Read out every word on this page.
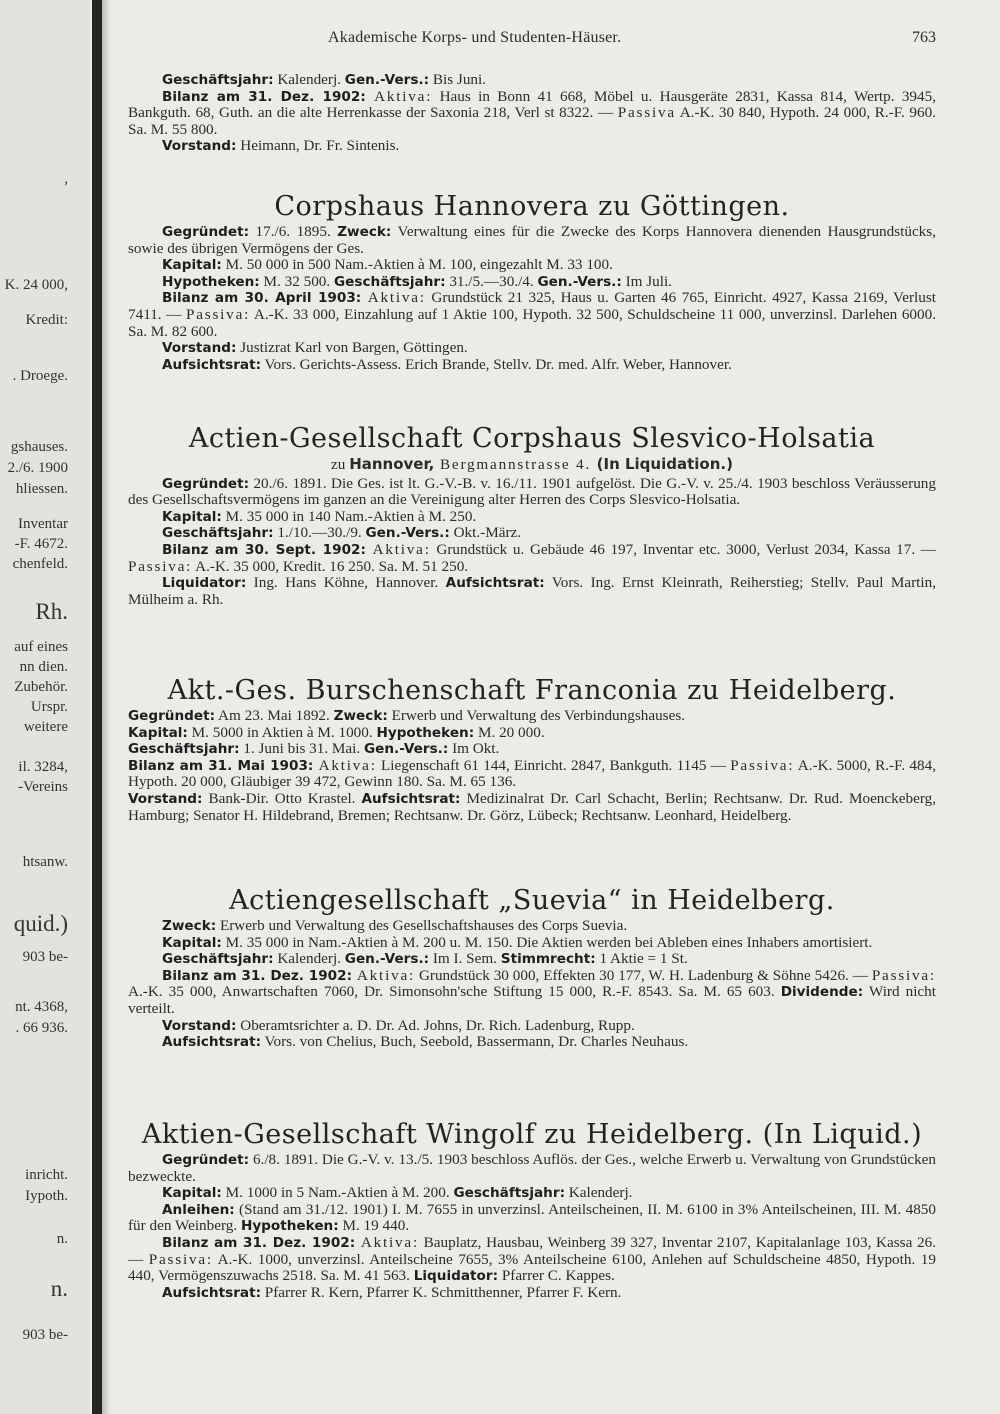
,
K. 24 000,
Kredit:
. Droege.
gshauses.
2./6. 1900
hliessen.
Inventar
-F. 4672.
chenfeld.
Rh.
auf eines
nn dien.
Zubehör.
Urspr.
weitere
il. 3284,
-Vereins
htsanw.
quid.)
903 be-
nt. 4368,
. 66 936.
inricht.
Iypoth.
n.
n.
903 be-
Akademische Korps- und Studenten-Häuser.	763

Geschäftsjahr: Kalenderj. Gen.-Vers.: Bis Juni.

Bilanz am 31. Dez. 1902: Aktiva: Haus in Bonn 41 668, Möbel u. Hausgeräte 2831, Kassa 814, Wertp. 3945, Bankguth. 68, Guth. an die alte Herrenkasse der Saxonia 218, Verl st 8322. — Passiva A.-K. 30 840, Hypoth. 24 000, R.-F. 960. Sa. M. 55 800.

Vorstand: Heimann, Dr. Fr. Sintenis.

Corpshaus Hannovera zu Göttingen.

Gegründet: 17./6. 1895. Zweck: Verwaltung eines für die Zwecke des Korps Hannovera dienenden Hausgrundstücks, sowie des übrigen Vermögens der Ges.

Kapital: M. 50 000 in 500 Nam.-Aktien à M. 100, eingezahlt M. 33 100.

Hypotheken: M. 32 500. Geschäftsjahr: 31./5.—30./4. Gen.-Vers.: Im Juli.

Bilanz am 30. April 1903: Aktiva: Grundstück 21 325, Haus u. Garten 46 765, Einricht. 4927, Kassa 2169, Verlust 7411. — Passiva: A.-K. 33 000, Einzahlung auf 1 Aktie 100, Hypoth. 32 500, Schuldscheine 11 000, unverzinsl. Darlehen 6000. Sa. M. 82 600.

Vorstand: Justizrat Karl von Bargen, Göttingen.

Aufsichtsrat: Vors. Gerichts-Assess. Erich Brande, Stellv. Dr. med. Alfr. Weber, Hannover.

Actien-Gesellschaft Corpshaus Slesvico-Holsatia

zu Hannover, Bergmannstrasse 4. (In Liquidation.)

Gegründet: 20./6. 1891. Die Ges. ist lt. G.-V.-B. v. 16./11. 1901 aufgelöst. Die G.-V. v. 25./4. 1903 beschloss Veräusserung des Gesellschaftsvermögens im ganzen an die Vereinigung alter Herren des Corps Slesvico-Holsatia.

Kapital: M. 35 000 in 140 Nam.-Aktien à M. 250.

Geschäftsjahr: 1./10.—30./9. Gen.-Vers.: Okt.-März.

Bilanz am 30. Sept. 1902: Aktiva: Grundstück u. Gebäude 46 197, Inventar etc. 3000, Verlust 2034, Kassa 17. — Passiva: A.-K. 35 000, Kredit. 16 250. Sa. M. 51 250.

Liquidator: Ing. Hans Köhne, Hannover. Aufsichtsrat: Vors. Ing. Ernst Kleinrath, Reiherstieg; Stellv. Paul Martin, Mülheim a. Rh.

Akt.-Ges. Burschenschaft Franconia zu Heidelberg.

Gegründet: Am 23. Mai 1892. Zweck: Erwerb und Verwaltung des Verbindungshauses.

Kapital: M. 5000 in Aktien à M. 1000. Hypotheken: M. 20 000.

Geschäftsjahr: 1. Juni bis 31. Mai. Gen.-Vers.: Im Okt.

Bilanz am 31. Mai 1903: Aktiva: Liegenschaft 61 144, Einricht. 2847, Bankguth. 1145 — Passiva: A.-K. 5000, R.-F. 484, Hypoth. 20 000, Gläubiger 39 472, Gewinn 180. Sa. M. 65 136.

Vorstand: Bank-Dir. Otto Krastel. Aufsichtsrat: Medizinalrat Dr. Carl Schacht, Berlin; Rechtsanw. Dr. Rud. Moenckeberg, Hamburg; Senator H. Hildebrand, Bremen; Rechtsanw. Dr. Görz, Lübeck; Rechtsanw. Leonhard, Heidelberg.

Actiengesellschaft „Suevia“ in Heidelberg.

Zweck: Erwerb und Verwaltung des Gesellschaftshauses des Corps Suevia.

Kapital: M. 35 000 in Nam.-Aktien à M. 200 u. M. 150. Die Aktien werden bei Ableben eines Inhabers amortisiert.

Geschäftsjahr: Kalenderj. Gen.-Vers.: Im I. Sem. Stimmrecht: 1 Aktie = 1 St.

Bilanz am 31. Dez. 1902: Aktiva: Grundstück 30 000, Effekten 30 177, W. H. Ladenburg & Söhne 5426. — Passiva: A.-K. 35 000, Anwartschaften 7060, Dr. Simonsohn'sche Stiftung 15 000, R.-F. 8543. Sa. M. 65 603. Dividende: Wird nicht verteilt.

Vorstand: Oberamtsrichter a. D. Dr. Ad. Johns, Dr. Rich. Ladenburg, Rupp.

Aufsichtsrat: Vors. von Chelius, Buch, Seebold, Bassermann, Dr. Charles Neuhaus.

Aktien-Gesellschaft Wingolf zu Heidelberg. (In Liquid.)

Gegründet: 6./8. 1891. Die G.-V. v. 13./5. 1903 beschloss Auflös. der Ges., welche Erwerb u. Verwaltung von Grundstücken bezweckte.

Kapital: M. 1000 in 5 Nam.-Aktien à M. 200. Geschäftsjahr: Kalenderj.

Anleihen: (Stand am 31./12. 1901) I. M. 7655 in unverzinsl. Anteilscheinen, II. M. 6100 in 3% Anteilscheinen, III. M. 4850 für den Weinberg. Hypotheken: M. 19 440.

Bilanz am 31. Dez. 1902: Aktiva: Bauplatz, Hausbau, Weinberg 39 327, Inventar 2107, Kapitalanlage 103, Kassa 26. — Passiva: A.-K. 1000, unverzinsl. Anteilscheine 7655, 3% Anteilscheine 6100, Anlehen auf Schuldscheine 4850, Hypoth. 19 440, Vermögenszuwachs 2518. Sa. M. 41 563. Liquidator: Pfarrer C. Kappes.

Aufsichtsrat: Pfarrer R. Kern, Pfarrer K. Schmitthenner, Pfarrer F. Kern.
